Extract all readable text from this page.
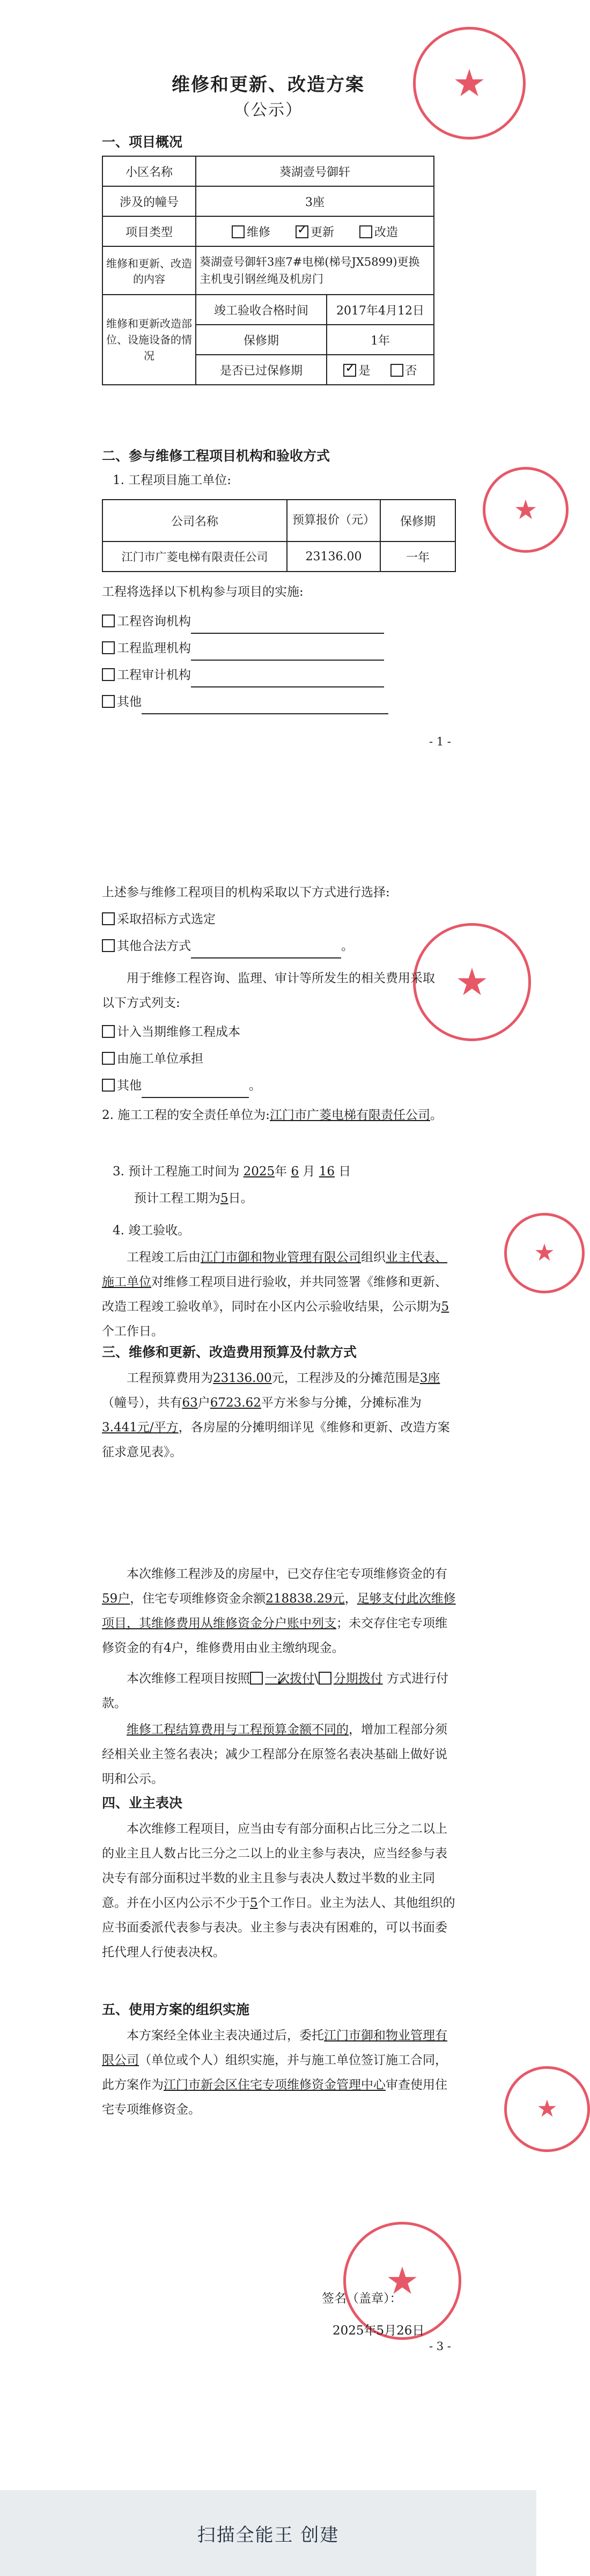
维修和更新、改造方案
（公示）
★
一、项目概况
小区名称	葵湖壹号御轩	
涉及的幢号	3座	
项目类型	维修 ✓ 更新 改造
维修和更新、改造的内容	葵湖壹号御轩3座7#电梯(梯号JX5899)更换主机曳引钢丝绳及机房门	
维修和更新改造部位、设施设备的情况	竣工验收合格时间	2017年4月12日
	保修期	1年
	是否已过保修期	✓是 否
二、参与维修工程项目机构和验收方式
1. 工程项目施工单位:
公司名称	预算报价（元）	保修期
江门市广菱电梯有限责任公司	23136.00	一年
★
工程将选择以下机构参与项目的实施:
工程咨询机构
工程监理机构
工程审计机构
其他
- 1 -
上述参与维修工程项目的机构采取以下方式进行选择:
采取招标方式选定
其他合法方式	。
★
用于维修工程咨询、监理、审计等所发生的相关费用采取以下方式列支:
计入当期维修工程成本
由施工单位承担
其他	。
2. 施工工程的安全责任单位为:江门市广菱电梯有限责任公司。
3. 预计工程施工时间为 2025年 6 月 16 日
预计工程工期为5日。
4. 竣工验收。
工程竣工后由江门市御和物业管理有限公司组织业主代表、施工单位对维修工程项目进行验收，并共同签署《维修和更新、改造工程竣工验收单》，同时在小区内公示验收结果，公示期为5个工作日。
★
三、维修和更新、改造费用预算及付款方式
工程预算费用为23136.00元，工程涉及的分摊范围是3座（幢号），共有63户6723.62平方米参与分摊，分摊标准为3.441元/平方，各房屋的分摊明细详见《维修和更新、改造方案征求意见表》。
本次维修工程涉及的房屋中，已交存住宅专项维修资金的有59户，住宅专项维修资金余额218838.29元，足够支付此次维修项目，其维修费用从维修资金分户账中列支；未交存住宅专项维修资金的有4户，维修费用由业主缴纳现金。
本次维修工程项目按照 ✓ 一次拨付\ 分期拨付 方式进行付款。
维修工程结算费用与工程预算金额不同的，增加工程部分须经相关业主签名表决；减少工程部分在原签名表决基础上做好说明和公示。
四、业主表决
本次维修工程项目，应当由专有部分面积占比三分之二以上的业主且人数占比三分之二以上的业主参与表决，应当经参与表决专有部分面积过半数的业主且参与表决人数过半数的业主同意。并在小区内公示不少于5个工作日。业主为法人、其他组织的应书面委派代表参与表决。业主参与表决有困难的，可以书面委托代理人行使表决权。
五、使用方案的组织实施
本方案经全体业主表决通过后，委托江门市御和物业管理有限公司（单位或个人）组织实施，并与施工单位签订施工合同，此方案作为江门市新会区住宅专项维修资金管理中心审查使用住宅专项维修资金。	★
★
签名（盖章）：
2025年5月26日
- 3 -
扫描全能王 创建
